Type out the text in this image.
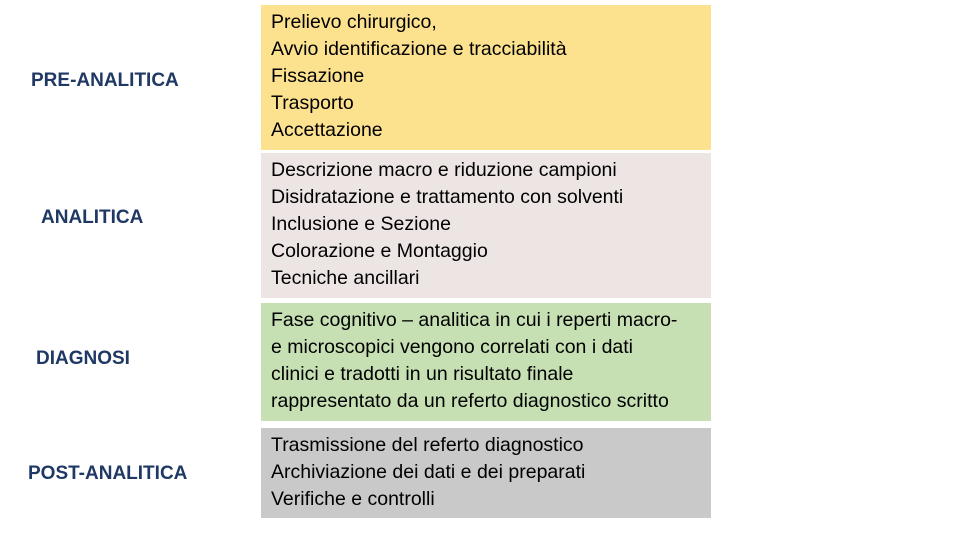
PRE-ANALITICA
ANALITICA
DIAGNOSI
POST-ANALITICA
Prelievo chirurgico,
Avvio identificazione e tracciabilità
Fissazione
Trasporto
Accettazione
Descrizione macro e riduzione campioni
Disidratazione e trattamento con solventi
Inclusione e Sezione
Colorazione e Montaggio
Tecniche ancillari
Fase cognitivo – analitica in cui i reperti macro-
e microscopici vengono correlati con i dati
clinici e tradotti in un risultato finale
rappresentato da un referto diagnostico scritto
Trasmissione del referto diagnostico
Archiviazione dei dati e dei preparati
Verifiche e controlli
